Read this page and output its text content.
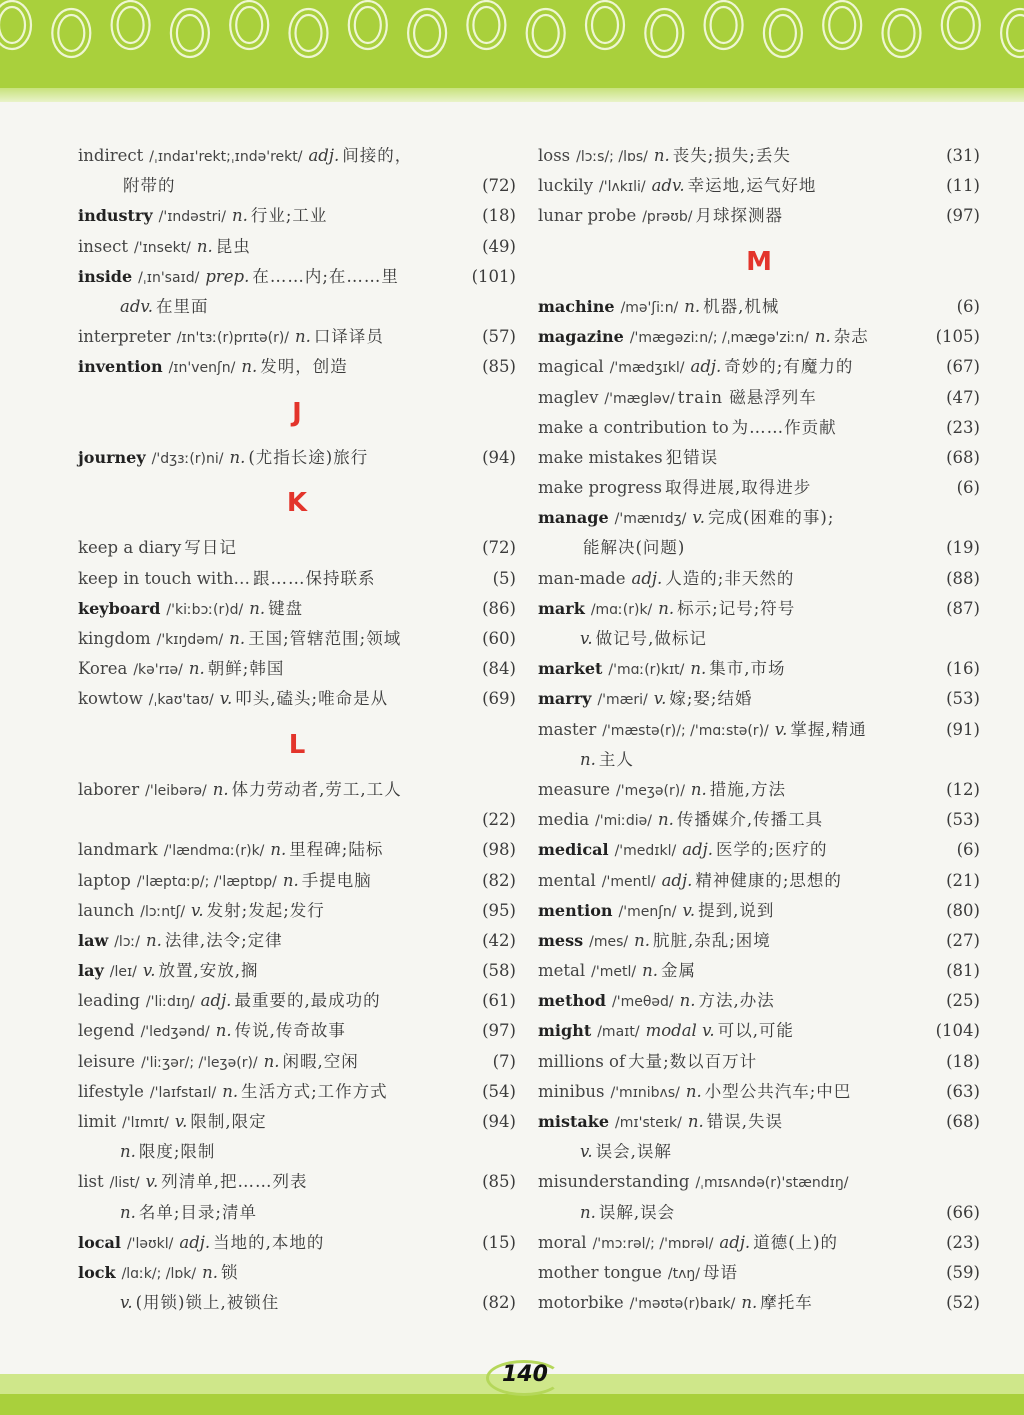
indirect /ˌɪndaɪ'rekt;ˌɪndə'rekt/ adj. 间接的，
附带的	(72)
industry /'ɪndəstri/ n. 行业;工业	(18)
insect /'ɪnsekt/ n. 昆虫	(49)
inside /ˌɪn'saɪd/ prep. 在……内;在……里	(101)
adv. 在里面
interpreter /ɪn'tɜː(r)prɪtə(r)/ n. 口译译员	(57)
invention /ɪn'venʃn/ n. 发明，创造	(85)
J
journey /'dʒɜː(r)ni/ n. (尤指长途)旅行	(94)
K
keep a diary 写日记	(72)
keep in touch with… 跟……保持联系	(5)
keyboard /'kiːbɔː(r)d/ n. 键盘	(86)
kingdom /'kɪŋdəm/ n. 王国;管辖范围;领域	(60)
Korea /kə'rɪə/ n. 朝鲜;韩国	(84)
kowtow /ˌkaʊ'taʊ/ v. 叩头,磕头;唯命是从	(69)
L
laborer /'leibərə/ n. 体力劳动者,劳工,工人
(22)
landmark /'lændmɑː(r)k/ n. 里程碑;陆标	(98)
laptop /'læptɑːp/; /'læptɒp/ n. 手提电脑	(82)
launch /lɔːntʃ/ v. 发射;发起;发行	(95)
law /lɔː/ n. 法律,法令;定律	(42)
lay /leɪ/ v. 放置,安放,搁	(58)
leading /'liːdɪŋ/ adj. 最重要的,最成功的	(61)
legend /'ledʒənd/ n. 传说,传奇故事	(97)
leisure /'liːʒər/; /'leʒə(r)/ n. 闲暇,空闲	(7)
lifestyle /'laɪfstaɪl/ n. 生活方式;工作方式	(54)
limit /'lɪmɪt/ v. 限制,限定	(94)
n. 限度;限制
list /list/ v. 列清单,把……列表	(85)
n. 名单;目录;清单
local /'ləʊkl/ adj. 当地的,本地的	(15)
lock /lɑːk/; /lɒk/ n. 锁
v. (用锁)锁上,被锁住	(82)
loss /lɔːs/; /lɒs/ n. 丧失;损失;丢失	(31)
luckily /'lʌkɪli/ adv. 幸运地,运气好地	(11)
lunar probe /prəʊb/ 月球探测器	(97)
M
machine /mə'ʃiːn/ n. 机器,机械	(6)
magazine /'mægəziːn/; /ˌmægə'ziːn/ n. 杂志	(105)
magical /'mædʒɪkl/ adj. 奇妙的;有魔力的	(67)
maglev /'mægləv/ train 磁悬浮列车	(47)
make a contribution to 为……作贡献	(23)
make mistakes 犯错误	(68)
make progress 取得进展,取得进步	(6)
manage /'mænɪdʒ/ v. 完成(困难的事);
能解决(问题)	(19)
man-made adj. 人造的;非天然的	(88)
mark /mɑː(r)k/ n. 标示;记号;符号	(87)
v. 做记号,做标记
market /'mɑː(r)kɪt/ n. 集市,市场	(16)
marry /'mæri/ v. 嫁;娶;结婚	(53)
master /'mæstə(r)/; /'mɑːstə(r)/ v. 掌握,精通	(91)
n. 主人
measure /'meʒə(r)/ n. 措施,方法	(12)
media /'miːdiə/ n. 传播媒介,传播工具	(53)
medical /'medɪkl/ adj. 医学的;医疗的	(6)
mental /'mentl/ adj. 精神健康的;思想的	(21)
mention /'menʃn/ v. 提到,说到	(80)
mess /mes/ n. 肮脏,杂乱;困境	(27)
metal /'metl/ n. 金属	(81)
method /'meθəd/ n. 方法,办法	(25)
might /maɪt/ modal v. 可以,可能	(104)
millions of 大量;数以百万计	(18)
minibus /'mɪnibʌs/ n. 小型公共汽车;中巴	(63)
mistake /mɪ'steɪk/ n. 错误,失误	(68)
v. 误会,误解
misunderstanding /ˌmɪsʌndə(r)'stændɪŋ/
n. 误解,误会	(66)
moral /'mɔːrəl/; /'mɒrəl/ adj. 道德(上)的	(23)
mother tongue /tʌŋ/ 母语	(59)
motorbike /'məʊtə(r)baɪk/ n. 摩托车	(52)
140
